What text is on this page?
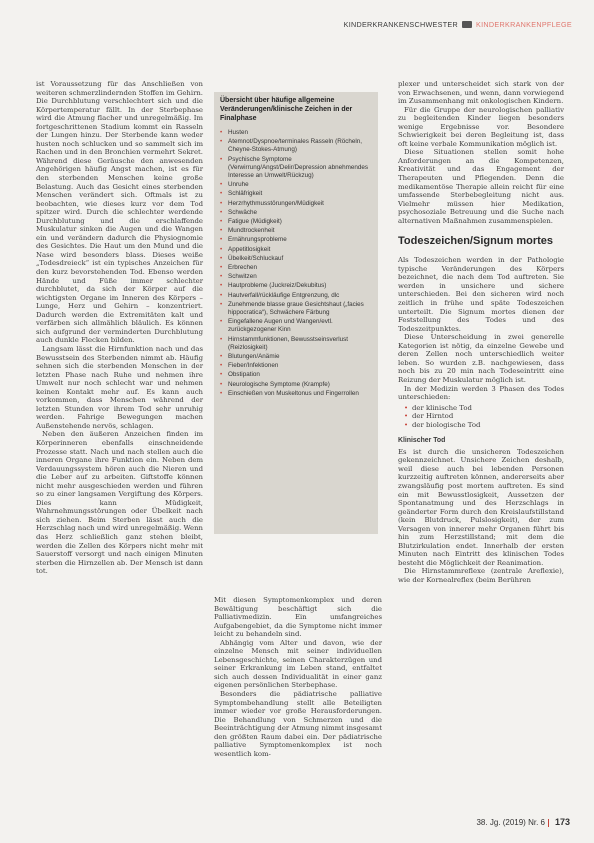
KINDERKRANKENSCHWESTER	KINDERKRANKENPFLEGE

ist Voraussetzung für das Anschließen von weiteren schmerzlindernden Stoffen im Gehirn. Die Durchblutung verschlechtert sich und die Körpertemperatur fällt. In der Sterbephase wird die Atmung flacher und unregelmäßig. Im fortgeschrittenen Stadium kommt ein Rasseln der Lungen hinzu. Der Sterbende kann weder husten noch schlucken und so sammelt sich im Rachen und in den Bronchien vermehrt Sekret. Während diese Geräusche den anwesenden Angehörigen häufig Angst machen, ist es für den sterbenden Menschen keine große Belastung. Auch das Gesicht eines sterbenden Menschen verändert sich. Oftmals ist zu beobachten, wie dieses kurz vor dem Tod spitzer wird. Durch die schlechter werdende Durchblutung und die erschlaffende Muskulatur sinken die Augen und die Wangen ein und verändern dadurch die Physiognomie des Gesichtes. Die Haut um den Mund und die Nase wird besonders blass. Dieses weiße „Todesdreieck“ ist ein typisches Anzeichen für den kurz bevorstehenden Tod. Ebenso werden Hände und Füße immer schlechter durchblutet, da sich der Körper auf die wichtigsten Organe im Inneren des Körpers – Lunge, Herz und Gehirn – konzentriert. Dadurch werden die Extremitäten kalt und verfärben sich allmählich bläulich. Es können sich aufgrund der verminderten Durchblutung auch dunkle Flecken bilden.

Langsam lässt die Hirnfunktion nach und das Bewusstsein des Sterbenden nimmt ab. Häufig sehnen sich die sterbenden Menschen in der letzten Phase nach Ruhe und nehmen ihre Umwelt nur noch schlecht war und nehmen keinen Kontakt mehr auf. Es kann auch vorkommen, dass Menschen während der letzten Stunden vor ihrem Tod sehr unruhig werden. Fahrige Bewegungen machen Außenstehende nervös, schlagen.

Neben den äußeren Anzeichen finden im Körperinneren ebenfalls einschneidende Prozesse statt. Nach und nach stellen auch die inneren Organe ihre Funktion ein. Neben dem Verdauungssystem hören auch die Nieren und die Leber auf zu arbeiten. Giftstoffe können nicht mehr ausgeschieden werden und führen so zu einer langsamen Vergiftung des Körpers. Dies kann Müdigkeit, Wahrnehmungsstörungen oder Übelkeit nach sich ziehen. Beim Sterben lässt auch die Herzschlag nach und wird unregelmäßig. Wenn das Herz schließlich ganz stehen bleibt, werden die Zellen des Körpers nicht mehr mit Sauerstoff versorgt und nach einigen Minuten sterben die Hirnzellen ab. Der Mensch ist dann tot.

Übersicht über häufige allgemeine Veränderungen/klinische Zeichen in der Finalphase
• Husten
• Atemnot/Dyspnoe/terminales Rasseln (Röcheln, Cheyne-Stokes-Atmung)
• Psychische Symptome (Verwirrung/Angst/Delir/Depression abnehmendes Interesse an Umwelt/Rückzug)
• Unruhe
• Schläfrigkeit
• Herzrhythmusstörungen/Müdigkeit
• Schwäche
• Fatigue (Müdigkeit)
• Mundtrockenheit
• Ernährungsprobleme
• Appetitlosigkeit
• Übelkeit/Schluckauf
• Erbrechen
• Schwitzen
• Hautprobleme (Juckreiz/Dekubitus)
• Hautverfall/rückläufige Entgrenzung, dlc
• Zunehmende blasse graue Gesichtshaut („facies hippocratica“), Schwächere Färbung
• Eingefallene Augen und Wangen/evtl. zurückgezogener Kinn
• Hirnstammfunktionen, Bewusstseinsverlust (Reizlosigkeit)
• Blutungen/Anämie
• Fieber/Infektionen
• Obstipation
• Neurologische Symptome (Krampfe)
• Einschießen von Muskeltonus und Fingerrollen

Mit diesen Symptomenkomplex und deren Bewältigung beschäftigt sich die Palliativmedizin. Ein umfangreiches Aufgabengebiet, da die Symptome nicht immer leicht zu behandeln sind.

Abhängig vom Alter und davon, wie der einzelne Mensch mit seiner individuellen Lebensgeschichte, seinen Charakterzügen und seiner Erkrankung im Leben stand, entfaltet sich auch dessen Individualität in einer ganz eigenen persönlichen Sterbephase.

Besonders die pädiatrische palliative Symptombehandlung stellt alle Beteiligten immer wieder vor große Herausforderungen. Die Behandlung von Schmerzen und die Beeinträchtigung der Atmung nimmt insgesamt den größten Raum dabei ein. Der pädiatrische palliative Symptomenkomplex ist noch wesentlich kom-

plexer und unterscheidet sich stark von der von Erwachsenen, und wenn, dann vorwiegend im Zusammenhang mit onkologischen Kindern.

Für die Gruppe der neurologischen palliativ zu begleitenden Kinder liegen besonders wenige Ergebnisse vor. Besondere Schwierigkeit bei deren Begleitung ist, dass oft keine verbale Kommunikation möglich ist.

Diese Situationen stellen somit hohe Anforderungen an die Kompetenzen, Kreativität und das Engagement der Therapeuten und Pflegenden. Denn die medikamentöse Therapie allein reicht für eine umfassende Sterbebegleitung nicht aus. Vielmehr müssen hier Medikation, psychosoziale Betreuung und die Suche nach alternativen Maßnahmen zusammenspielen.

Todeszeichen/Signum mortes

Als Todeszeichen werden in der Pathologie typische Veränderungen des Körpers bezeichnet, die nach dem Tod auftreten. Sie werden in unsichere und sichere unterschieden. Bei den sicheren wird noch zeitlich in frühe und späte Todeszeichen unterteilt. Die Signum mortes dienen der Feststellung des Todes und des Todeszeitpunktes.

Diese Unterscheidung in zwei generelle Kategorien ist nötig, da einzelne Gewebe und deren Zellen noch unterschiedlich weiter leben. So wurden z.B. nachgewiesen, dass noch bis zu 20 min nach Todeseintritt eine Reizung der Muskulatur möglich ist.

In der Medizin werden 3 Phasen des Todes unterschieden:

• der klinische Tod
• der Hirntod
• der biologische Tod
Klinischer Tod

Es ist durch die unsicheren Todeszeichen gekennzeichnet. Unsichere Zeichen deshalb, weil diese auch bei lebenden Personen kurzzeitig auftreten können, andererseits aber zwangsläufig post mortem auftreten. Es sind ein mit Bewusstlosigkeit, Aussetzen der Spontanatmung und des Herzschlags in geänderter Form durch den Kreislaufstillstand (kein Blutdruck, Pulslosigkeit), der zum Versagen von innerer mehr Organen führt bis hin zum Herzstillstand; mit dem die Blutzirkulation endet. Innerhalb der ersten Minuten nach Eintritt des klinischen Todes besteht die Möglichkeit der Reanimation.

Die Hirnstammreflexe (zentrale Areflexie), wie der Kornealreflex (beim Berühren

38. Jg. (2019) Nr. 6 173
